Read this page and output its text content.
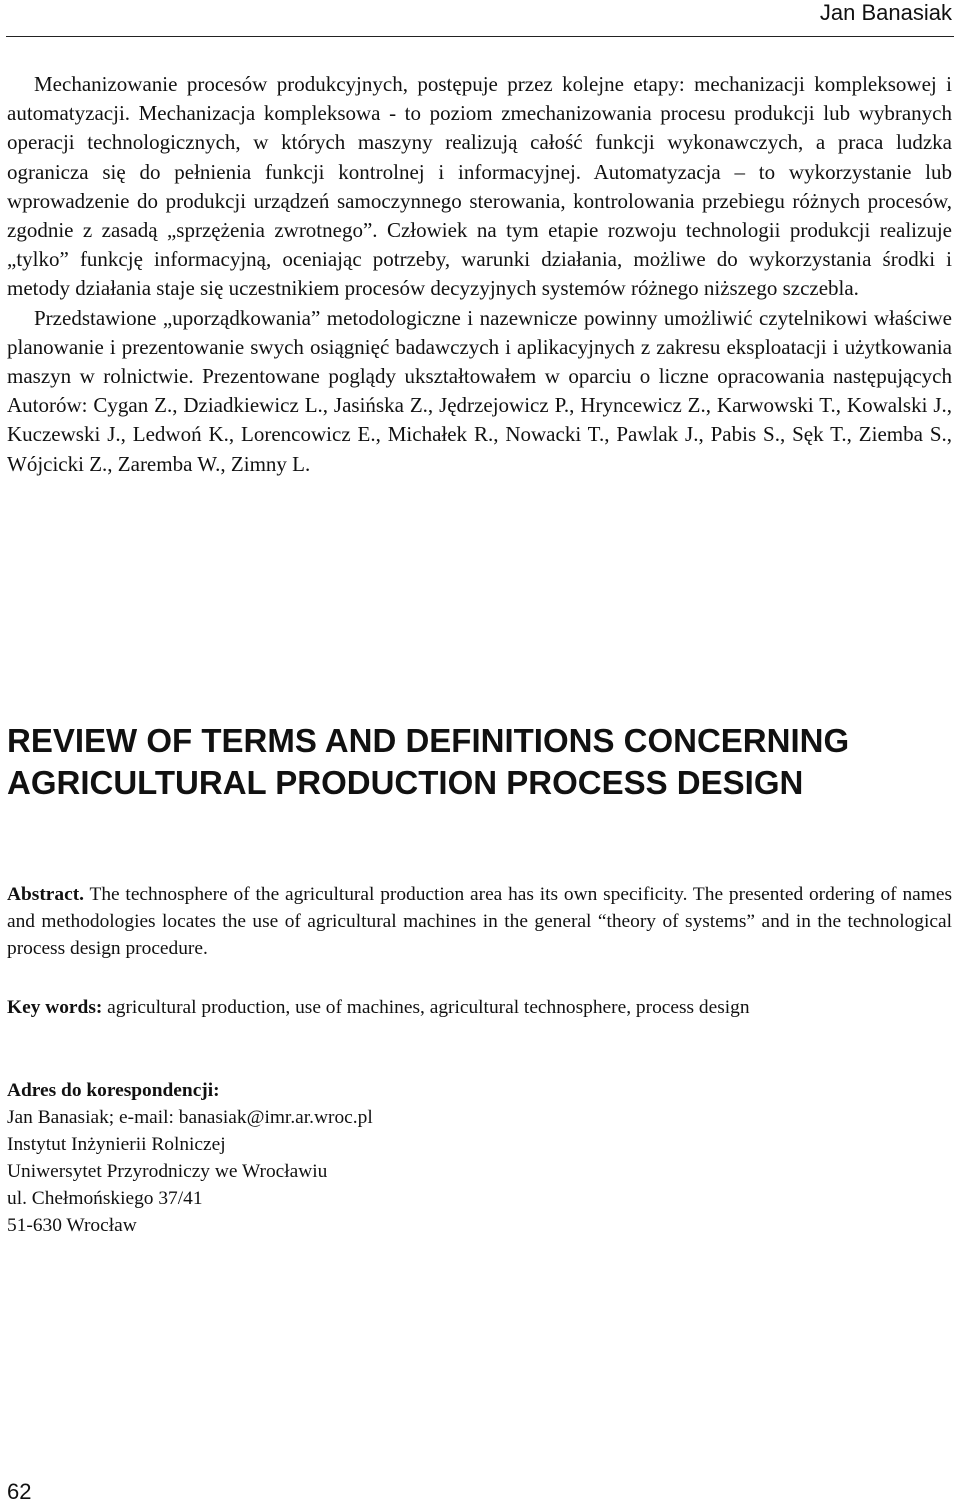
Jan Banasiak

Mechanizowanie procesów produkcyjnych, postępuje przez kolejne etapy: mechanizacji kompleksowej i automatyzacji. Mechanizacja kompleksowa - to poziom zmechanizowania procesu produkcji lub wybranych operacji technologicznych, w których maszyny realizują całość funkcji wykonawczych, a praca ludzka ogranicza się do pełnienia funkcji kontrolnej i informacyjnej. Automatyzacja – to wykorzystanie lub wprowadzenie do produkcji urządzeń samoczynnego sterowania, kontrolowania przebiegu różnych procesów, zgodnie z zasadą „sprzężenia zwrotnego”. Człowiek na tym etapie rozwoju technologii produkcji realizuje „tylko” funkcję informacyjną, oceniając potrzeby, warunki działania, możliwe do wykorzystania środki i metody działania staje się uczestnikiem procesów decyzyjnych systemów różnego niższego szczebla.

Przedstawione „uporządkowania” metodologiczne i nazewnicze powinny umożliwić czytelnikowi właściwe planowanie i prezentowanie swych osiągnięć badawczych i aplikacyjnych z zakresu eksploatacji i użytkowania maszyn w rolnictwie. Prezentowane poglądy ukształtowałem w oparciu o liczne opracowania następujących Autorów: Cygan Z., Dziadkiewicz L., Jasińska Z., Jędrzejowicz P., Hryncewicz Z., Karwowski T., Kowalski J., Kuczewski J., Ledwoń K., Lorencowicz E., Michałek R., Nowacki T., Pawlak J., Pabis S., Sęk T., Ziemba S., Wójcicki Z., Zaremba W., Zimny L.

REVIEW OF TERMS AND DEFINITIONS CONCERNING
AGRICULTURAL PRODUCTION PROCESS DESIGN
Abstract. The technosphere of the agricultural production area has its own specificity. The presented ordering of names and methodologies locates the use of agricultural machines in the general “theory of systems” and in the technological process design procedure.
Key words: agricultural production, use of machines, agricultural technosphere, process design
Adres do korespondencji:
Jan Banasiak; e-mail: banasiak@imr.ar.wroc.pl
Instytut Inżynierii Rolniczej
Uniwersytet Przyrodniczy we Wrocławiu
ul. Chełmońskiego 37/41
51-630 Wrocław
62
